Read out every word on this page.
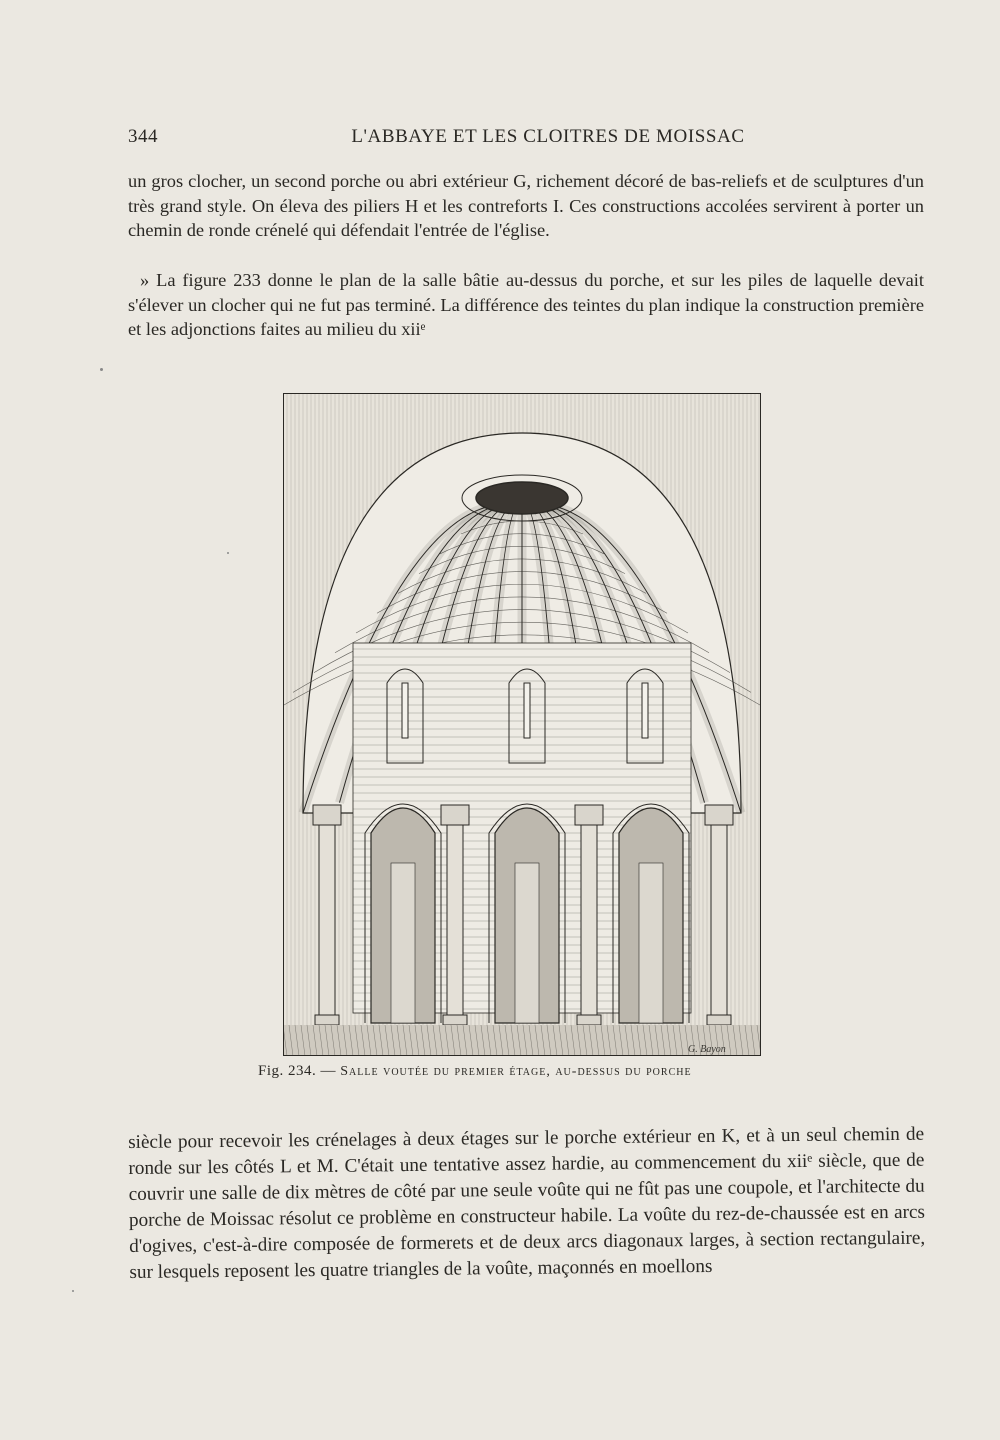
344	L'ABBAYE ET LES CLOITRES DE MOISSAC

un gros clocher, un second porche ou abri extérieur G, richement décoré de bas-reliefs et de sculptures d'un très grand style. On éleva des piliers H et les contreforts I. Ces constructions accolées servirent à porter un chemin de ronde crénelé qui défendait l'entrée de l'église.

» La figure 233 donne le plan de la salle bâtie au-dessus du porche, et sur les piles de laquelle devait s'élever un clocher qui ne fut pas terminé. La différence des teintes du plan indique la construction première et les adjonctions faites au milieu du xiiᵉ

G. Bayon
Fig. 234. — Salle voutée du premier étage, au-dessus du porche

siècle pour recevoir les crénelages à deux étages sur le porche extérieur en K, et à un seul chemin de ronde sur les côtés L et M. C'était une tentative assez hardie, au commencement du xiiᵉ siècle, que de couvrir une salle de dix mètres de côté par une seule voûte qui ne fût pas une coupole, et l'architecte du porche de Moissac résolut ce problème en constructeur habile. La voûte du rez-de-chaussée est en arcs d'ogives, c'est-à-dire composée de formerets et de deux arcs diagonaux larges, à section rectangulaire, sur lesquels reposent les quatre triangles de la voûte, maçonnés en moellons
